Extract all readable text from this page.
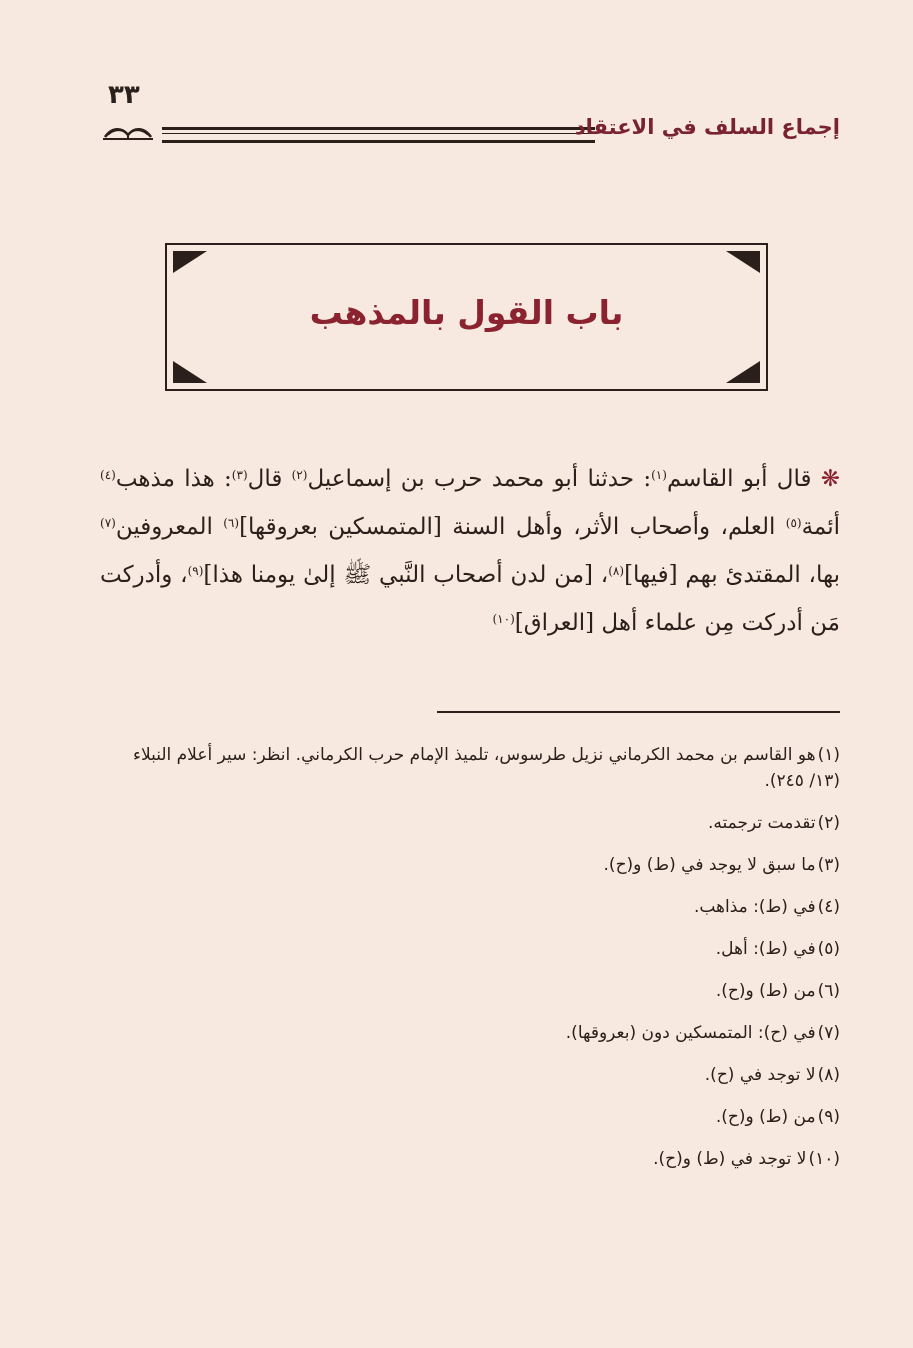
٣٣
إجماع السلف في الاعتقاد
باب القول بالمذهب
❋ قال أبو القاسم$^{(١)}$: حدثنا أبو محمد حرب بن إسماعيل$^{(٢)}$ قال$^{(٣)}$: هذا مذهب$^{(٤)}$ أئمة$^{(٥)}$ العلم، وأصحاب الأثر، وأهل السنة [المتمسكين بعروقها]$^{(٦)}$ المعروفين$^{(٧)}$ بها، المقتدئ بهم [فيها]$^{(٨)}$، [من لدن أصحاب النَّبي ﷺ إلىٰ يومنا هذا]$^{(٩)}$، وأدركت مَن أدركت مِن علماء أهل [العراق]$^{(١٠)}$
(١)هو القاسم بن محمد الكرماني نزيل طرسوس، تلميذ الإمام حرب الكرماني. انظر: سير أعلام النبلاء (١٣/ ٢٤٥).
(٢)تقدمت ترجمته.
(٣)ما سبق لا يوجد في (ط) و(ح).
(٤)في (ط): مذاهب.
(٥)في (ط): أهل.
(٦)من (ط) و(ح).
(٧)في (ح): المتمسكين دون (بعروقها).
(٨)لا توجد في (ح).
(٩)من (ط) و(ح).
(١٠)لا توجد في (ط) و(ح).
